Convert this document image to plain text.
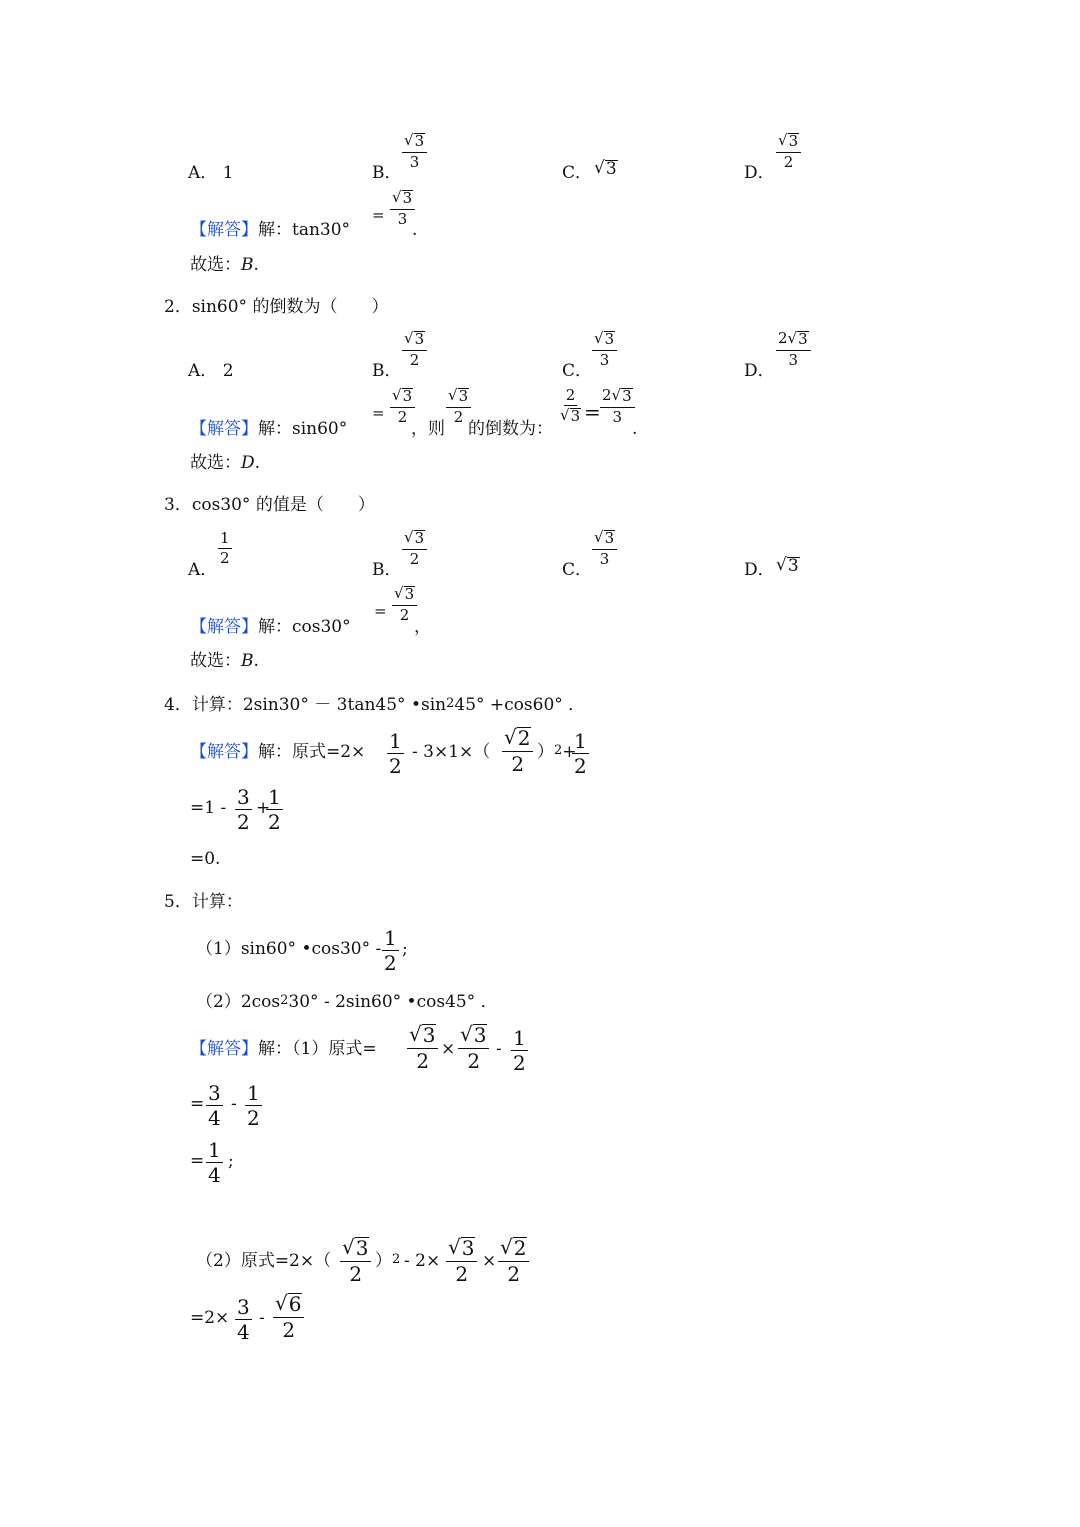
A． 1	B．
$\frac{√ 3}{3}$
C． √ 3	D．
$\frac{√ 3}{2}$
【解答】解：tan30°
= $\frac{√ 3}{3}$
.
故选：B.
2．sin60° 的倒数为（　　）
A． 2	B．
$\frac{√ 3}{2}$
C．
$\frac{√ 3}{3}$
D．
$\frac{2 √ 3}{3}$
【解答】解：sin60°
= $\frac{√ 3}{2}$
，则
$\frac{√ 3}{2}$
的倒数为：
$\frac{2}{√ 3} = \frac{2 √ 3}{3}$
.
故选：D.
3．cos30° 的值是（　　）
A．
$\frac{1}{2}$
B．
$\frac{√ 3}{2}$
C．
$\frac{√ 3}{3}$
D． √ 3
【解答】解：cos30°
= $\frac{√ 3}{2}$
，
故选：B.
4．计算：2sin30° － 3tan45° $•\sin^245^\circ +\cos 60^\circ$ ．
【解答】解：原式$=2\times \frac{1}{2} - 3\times 1\times( \frac{√ 2}{2} )^2+$
$\frac{1}{2}$
$=1 - \frac{3}{2}$ +
$\frac{1}{2}$
=0.
5．计算：
（1）sin60° •cos30° - $\frac{1}{2}$ ;
$(2)2\cos^230^\circ - 2\sin 60^\circ$ •cos45° ．
【解答】解：（1）原式= $\frac{√ 3}{2} \times \frac{√ 3}{2} - \frac{1}{2}$
= $\frac{3}{4} - \frac{1}{2}$
= $\frac{1}{4}$ ;
（2）原式$=2\times( \frac{√ 3}{2} )^2 - 2\times \frac{√ 3}{2} \times \frac{√ 2}{2}$
$=2\times \frac{3}{4} - \frac{√ 6}{2}$
